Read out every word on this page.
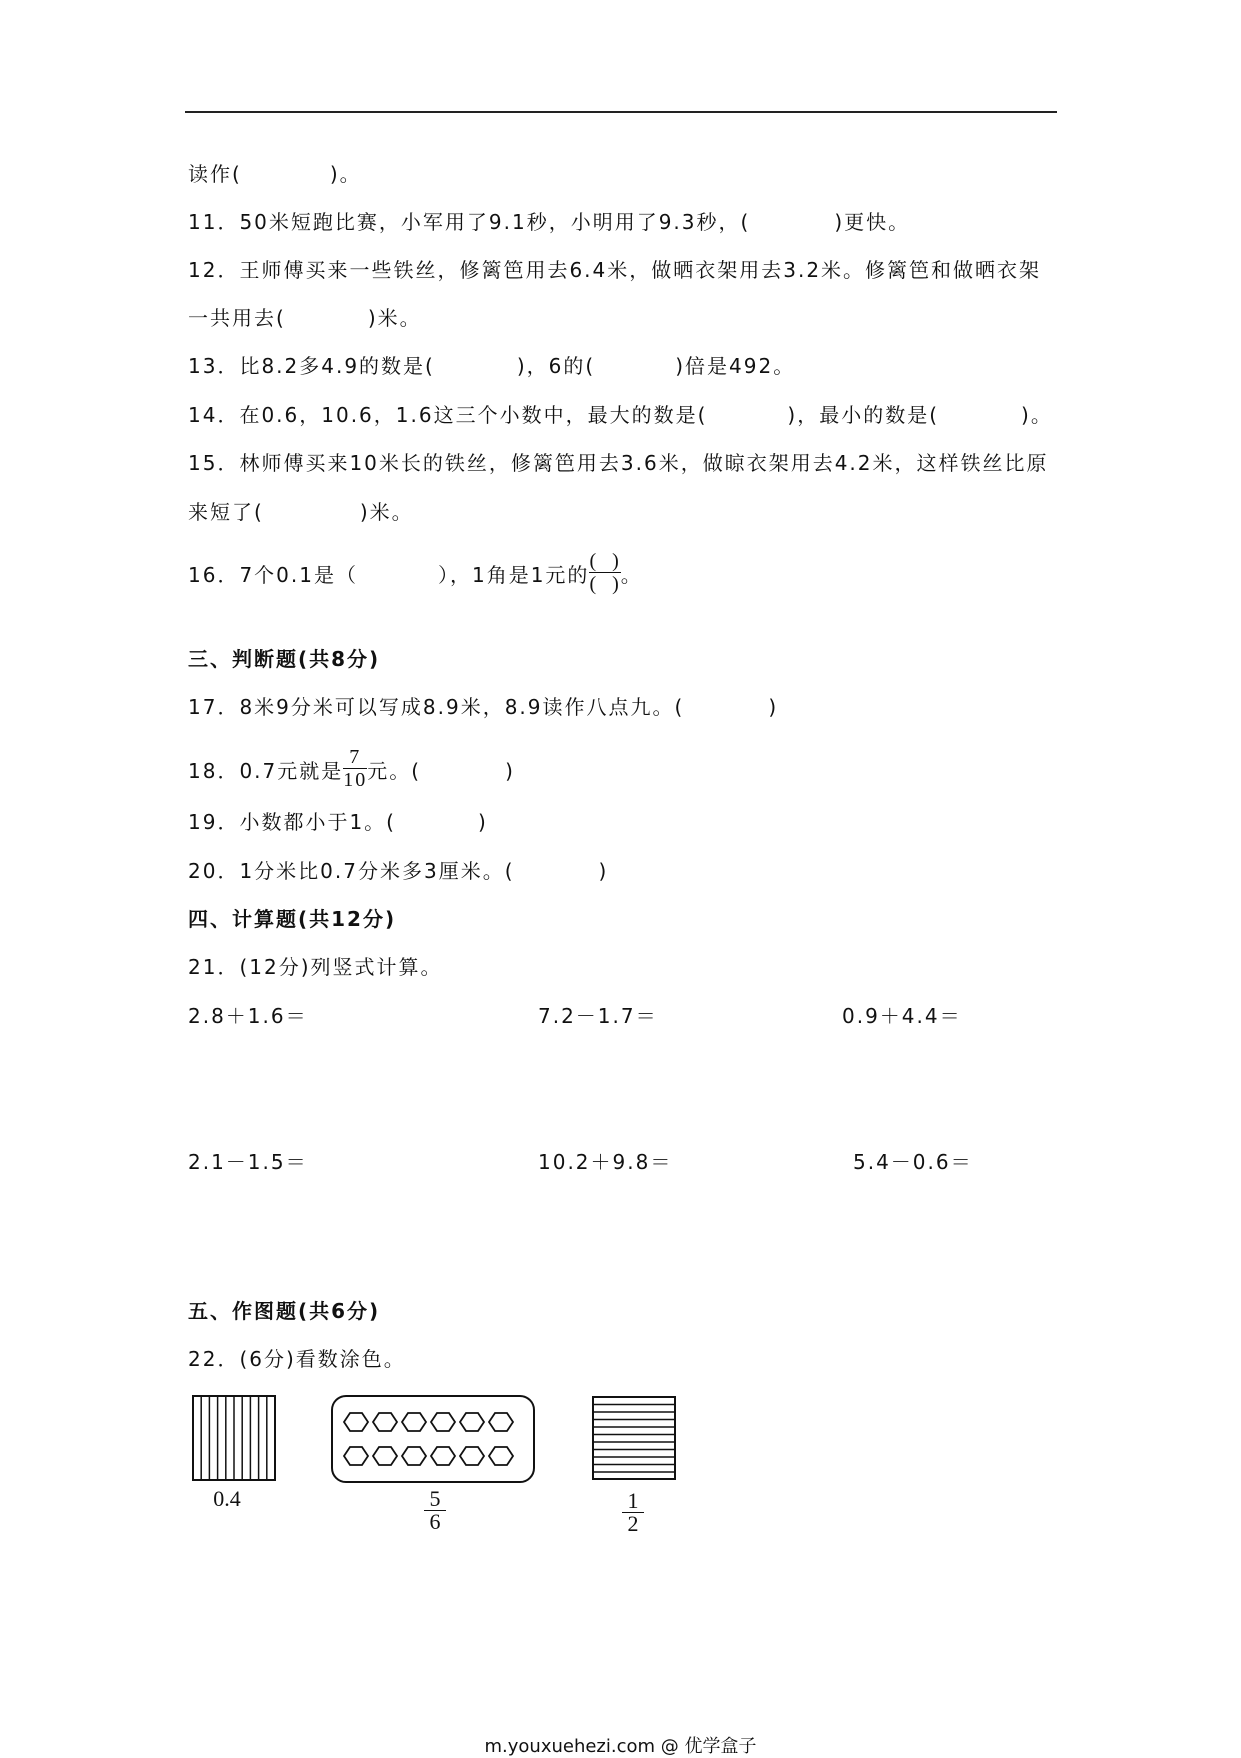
读作(	)。
11．50米短跑比赛，小军用了9.1秒，小明用了9.3秒，(	)更快。
12．王师傅买来一些铁丝，修篱笆用去6.4米，做晒衣架用去3.2米。修篱笆和做晒衣架
一共用去(	)米。
13．比8.2多4.9的数是(	)，6的(	)倍是492。
14．在0.6，10.6，1.6这三个小数中，最大的数是(	)，最小的数是(	)。
15．林师傅买来10米长的铁丝，修篱笆用去3.6米，做晾衣架用去4.2米，这样铁丝比原
来短了(	)米。
16．7个0.1是（	），1角是1元的 $\frac{( )}{( )}$ 。
三、判断题(共8分)
17．8米9分米可以写成8.9米，8.9读作八点九。(	)
18．0.7元就是 $\frac{7}{10}$ 元。(	)
19．小数都小于1。(	)
20．1分米比0.7分米多3厘米。(	)
四、计算题(共12分)
21．(12分)列竖式计算。
2.8＋1.6＝	7.2－1.7＝	0.9＋4.4＝
2.1－1.5＝	10.2＋9.8＝	5.4－0.6＝
五、作图题(共6分)
22．(6分)看数涂色。
0.4	5
6
1
2
m.youxuehezi.com @ 优学盒子
